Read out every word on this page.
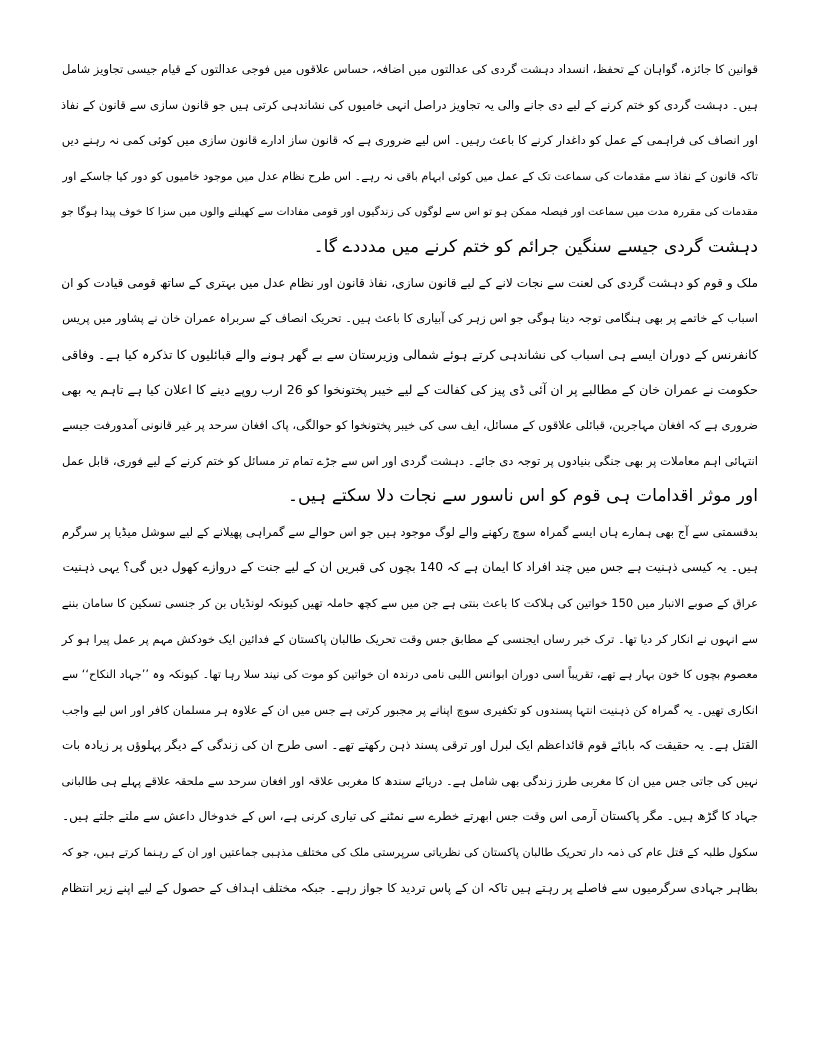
قوانین کا جائزہ، گواہان کے تحفظ، انسداد دہشت گردی کی عدالتوں میں اضافہ، حساس علاقوں میں فوجی عدالتوں کے قیام جیسی تجاویز شامل
ہیں۔ دہشت گردی کو ختم کرنے کے لیے دی جانے والی یہ تجاویز دراصل انہی خامیوں کی نشاندہی کرتی ہیں جو قانون سازی سے قانون کے نفاذ
اور انصاف کی فراہمی کے عمل کو داغدار کرنے کا باعث رہیں۔ اس لیے ضروری ہے کہ قانون ساز ادارے قانون سازی میں کوئی کمی نہ رہنے دیں
تاکہ قانون کے نفاذ سے مقدمات کی سماعت تک کے عمل میں کوئی ابہام باقی نہ رہے۔ اس طرح نظام عدل میں موجود خامیوں کو دور کیا جاسکے اور
مقدمات کی مقررہ مدت میں سماعت اور فیصلہ ممکن ہو تو اس سے لوگوں کی زندگیوں اور قومی مفادات سے کھیلنے والوں میں سزا کا خوف پیدا ہوگا جو
دہشت گردی جیسے سنگین جرائم کو ختم کرنے میں مدددے گا۔

ملک و قوم کو دہشت گردی کی لعنت سے نجات لانے کے لیے قانون سازی، نفاذ قانون اور نظام عدل میں بہتری کے ساتھ قومی قیادت کو ان
اسباب کے خاتمے پر بھی ہنگامی توجہ دینا ہوگی جو اس زہر کی آبیاری کا باعث ہیں۔ تحریک انصاف کے سربراہ عمران خان نے پشاور میں پریس
کانفرنس کے دوران ایسے ہی اسباب کی نشاندہی کرتے ہوئے شمالی وزیرستان سے بے گھر ہونے والے قبائلیوں کا تذکرہ کیا ہے۔ وفاقی
حکومت نے عمران خان کے مطالبے پر ان آئی ڈی پیز کی کفالت کے لیے خیبر پختونخوا کو 26 ارب روپے دینے کا اعلان کیا ہے تاہم یہ بھی
ضروری ہے کہ افغان مہاجرین، قبائلی علاقوں کے مسائل، ایف سی کی خیبر پختونخوا کو حوالگی، پاک افغان سرحد پر غیر قانونی آمدورفت جیسے
انتہائی اہم معاملات پر بھی جنگی بنیادوں پر توجہ دی جائے۔ دہشت گردی اور اس سے جڑے تمام تر مسائل کو ختم کرنے کے لیے فوری، قابل عمل
اور موثر اقدامات ہی قوم کو اس ناسور سے نجات دلا سکتے ہیں۔

بدقسمتی سے آج بھی ہمارے ہاں ایسے گمراہ سوچ رکھنے والے لوگ موجود ہیں جو اس حوالے سے گمراہی پھیلانے کے لیے سوشل میڈیا پر سرگرم
ہیں۔ یہ کیسی ذہنیت ہے جس میں چند افراد کا ایمان ہے کہ 140 بچوں کی قبریں ان کے لیے جنت کے دروازے کھول دیں گی؟ یہی ذہنیت
عراق کے صوبے الانبار میں 150 خواتین کی ہلاکت کا باعث بنتی ہے جن میں سے کچھ حاملہ تھیں کیونکہ لونڈیاں بن کر جنسی تسکین کا سامان بننے
سے انہوں نے انکار کر دیا تھا۔ ترک خبر رساں ایجنسی کے مطابق جس وقت تحریک طالبان پاکستان کے فدائین ایک خودکش مہم پر عمل پیرا ہو کر
معصوم بچوں کا خون بہار ہے تھے، تقریباً اسی دوران ابوانس اللبی نامی درندہ ان خواتین کو موت کی نیند سلا رہا تھا۔ کیونکہ وہ ’’جہاد النکاح‘‘ سے
انکاری تھیں۔ یہ گمراہ کن ذہنیت انتہا پسندوں کو تکفیری سوچ اپنانے پر مجبور کرتی ہے جس میں ان کے علاوہ ہر مسلمان کافر اور اس لیے واجب
القتل ہے۔ یہ حقیقت کہ بابائے قوم قائداعظم ایک لبرل اور ترقی پسند ذہن رکھتے تھے۔ اسی طرح ان کی زندگی کے دیگر پہلوؤں پر زیادہ بات
نہیں کی جاتی جس میں ان کا مغربی طرز زندگی بھی شامل ہے۔ دریائے سندھ کا مغربی علاقہ اور افغان سرحد سے ملحقہ علاقے پہلے ہی طالبانی
جہاد کا گڑھ ہیں۔ مگر پاکستان آرمی اس وقت جس ابھرتے خطرے سے نمٹنے کی تیاری کرنی ہے، اس کے خدوخال داعش سے ملتے جلتے ہیں۔
سکول طلبہ کے قتل عام کی ذمہ دار تحریک طالبان پاکستان کی نظریاتی سرپرستی ملک کی مختلف مذہبی جماعتیں اور ان کے رہنما کرتے ہیں، جو کہ
بظاہر جہادی سرگرمیوں سے فاصلے پر رہتے ہیں تاکہ ان کے پاس تردید کا جواز رہے۔ جبکہ مختلف اہداف کے حصول کے لیے اپنے زیر انتظام
